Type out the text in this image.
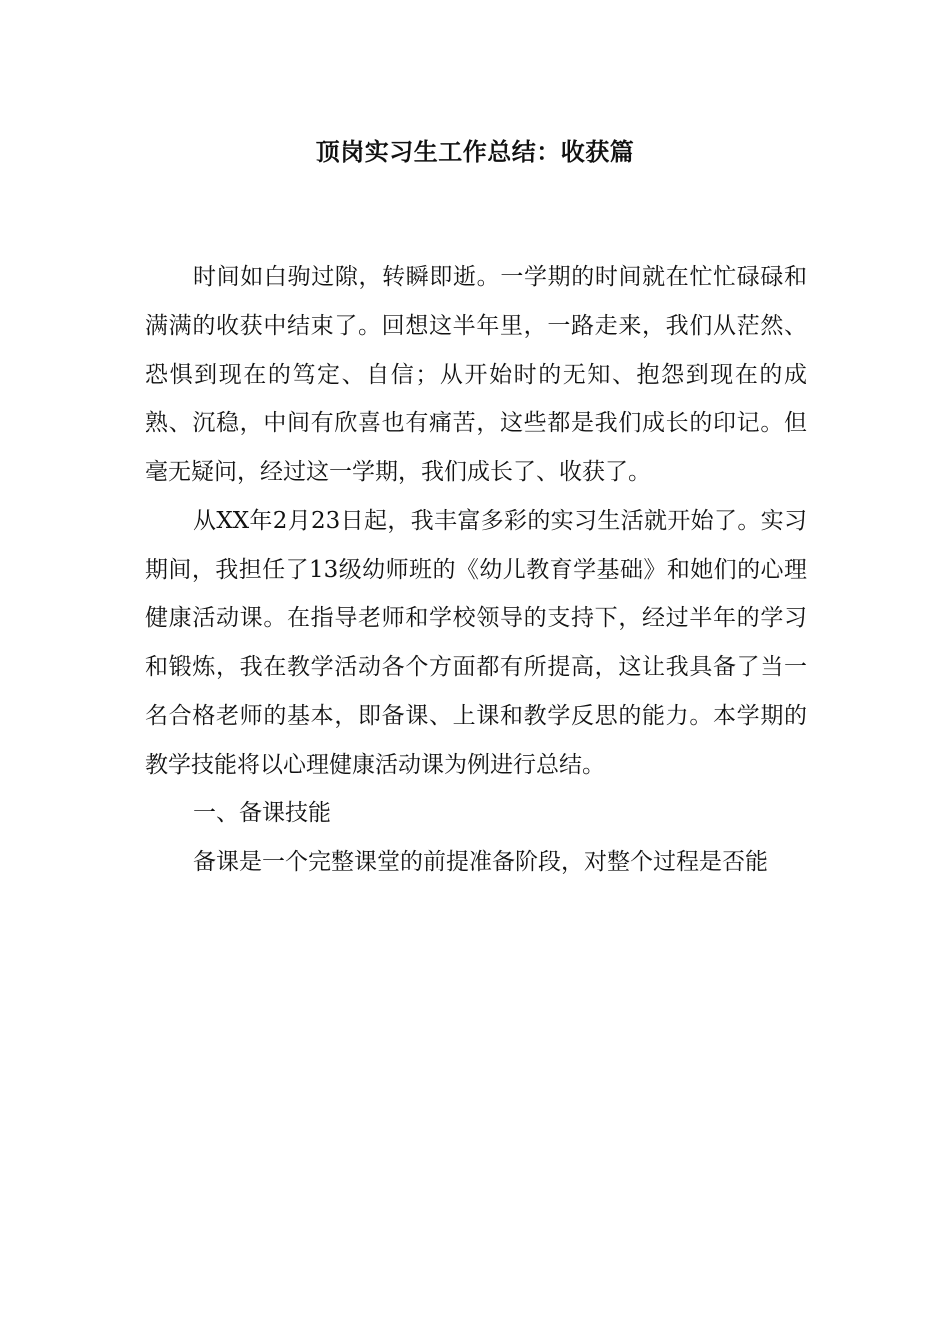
顶岗实习生工作总结：收获篇

时间如白驹过隙，转瞬即逝。一学期的时间就在忙忙碌碌和满满的收获中结束了。回想这半年里，一路走来，我们从茫然、恐惧到现在的笃定、自信；从开始时的无知、抱怨到现在的成熟、沉稳，中间有欣喜也有痛苦，这些都是我们成长的印记。但毫无疑问，经过这一学期，我们成长了、收获了。

从XX年2月23日起，我丰富多彩的实习生活就开始了。实习期间，我担任了13级幼师班的《幼儿教育学基础》和她们的心理健康活动课。在指导老师和学校领导的支持下，经过半年的学习和锻炼，我在教学活动各个方面都有所提高，这让我具备了当一名合格老师的基本，即备课、上课和教学反思的能力。本学期的教学技能将以心理健康活动课为例进行总结。

一、备课技能

备课是一个完整课堂的前提准备阶段，对整个过程是否能
